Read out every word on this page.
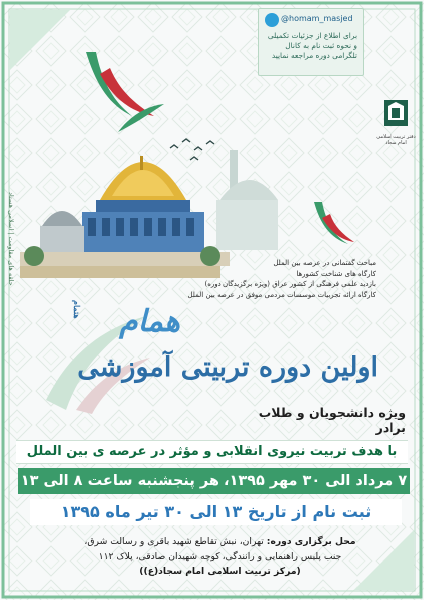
@homam_masjed
برای اطلاع از جزئیات تکمیلی و نحوه ثبت نام به کانال تلگرامی دوره مراجعه نمایید
دفتر تربیت اسلامی امام سجاد
حلقه های مقاومت | اسلامی هستاد	مباحث گفتمانی در عرصه بین الملل
کارگاه های شناخت کشورها
بازدید علمی فرهنگی از کشور عراق (ویژه برگزیدگان دوره)
کارگاه ارائه تجربیات موسسات مردمی موفق در عرصه بین الملل
هتمام همام
اولین دوره تربیتی آموزشی
ویژه دانشجویان و طلاب برادر
با هدف تربیت نیروی انقلابی و مؤثر در عرصه ی بین الملل
۷ مرداد الی ۳۰ مهر ۱۳۹۵، هر پنجشنبه ساعت ۸ الی ۱۳
ثبت نام از تاریخ ۱۳ الی ۳۰ تیر ماه ۱۳۹۵
محل برگزاری دوره: تهران، نبش تقاطع شهید باقری و رسالت شرق،
جنب پلیس راهنمایی و رانندگی، کوچه شهیدان صادقی، پلاک ۱۱۲
(مرکز تربیت اسلامی امام سجاد(ع))
